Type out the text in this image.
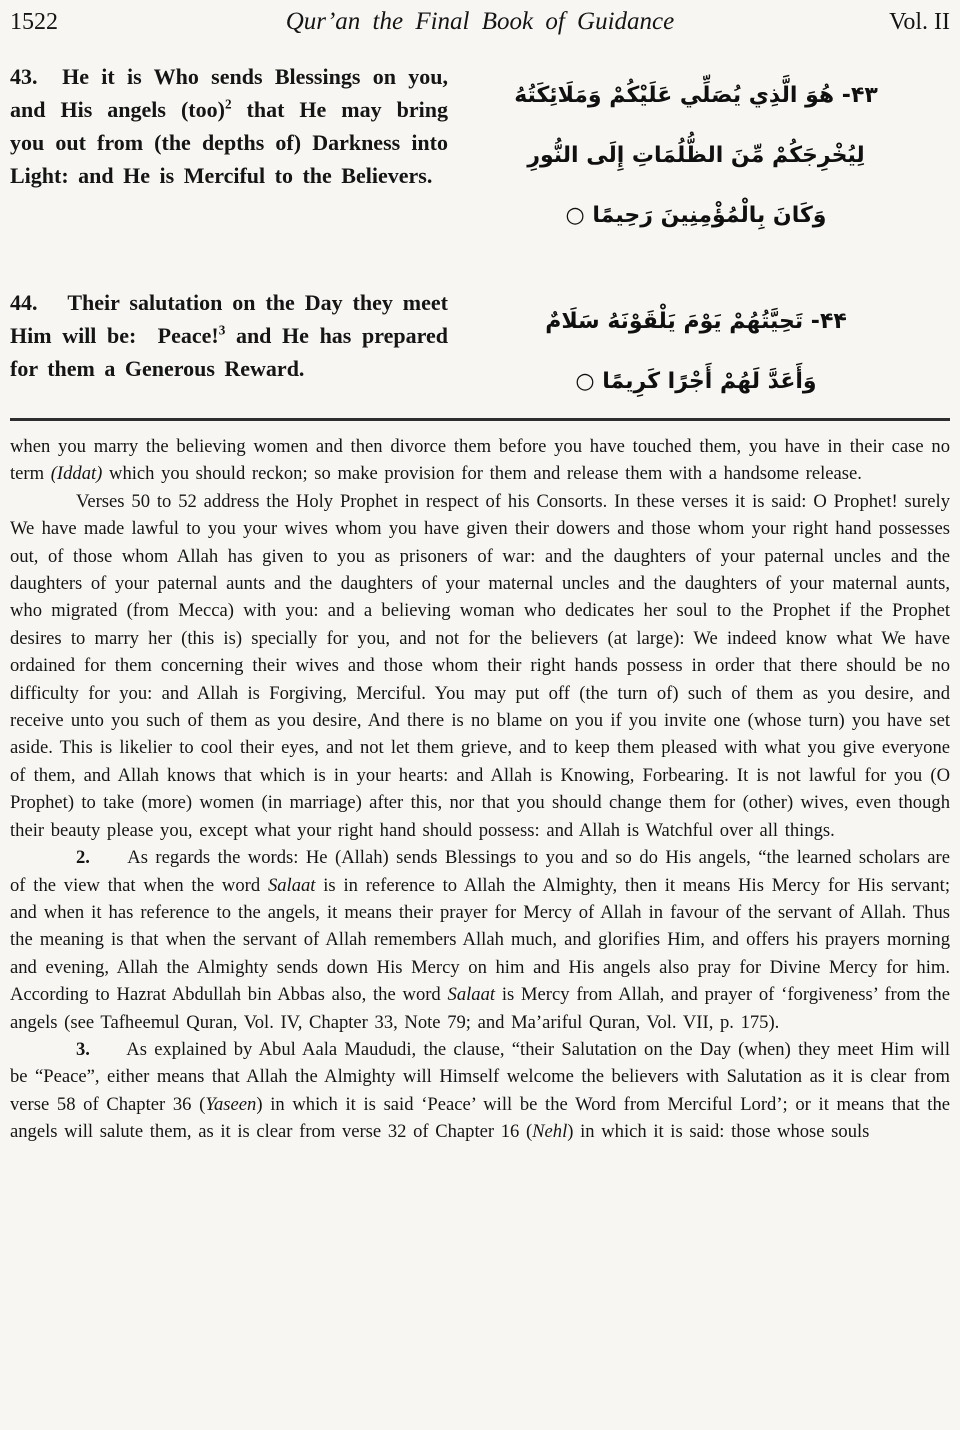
1522	Qur’an the Final Book of Guidance	Vol. II
43.  He it is Who sends Blessings on you, and His angels (too)$^2$ that He may bring you out from (the depths of) Darkness into Light: and He is Merciful to the Believers.
۴۳- هُوَ الَّذِي يُصَلِّي عَلَيْكُمْ وَمَلَائِكَتُهُ
لِيُخْرِجَكُمْ مِّنَ الظُّلُمَاتِ إِلَى النُّورِ
وَكَانَ بِالْمُؤْمِنِينَ رَحِيمًا ○
44.   Their salutation on the Day they meet Him will be:  Peace!$^3$ and He has prepared for them a Generous Reward.
۴۴- تَحِيَّتُهُمْ يَوْمَ يَلْقَوْنَهُ سَلَامٌ
وَأَعَدَّ لَهُمْ أَجْرًا كَرِيمًا ○

when you marry the believing women and then divorce them before you have touched them, you have in their case no term (Iddat) which you should reckon; so make provision for them and release them with a handsome release.

Verses 50 to 52 address the Holy Prophet in respect of his Consorts. In these verses it is said: O Prophet! surely We have made lawful to you your wives whom you have given their dowers and those whom your right hand possesses out, of those whom Allah has given to you as prisoners of war: and the daughters of your paternal uncles and the daughters of your paternal aunts and the daughters of your maternal uncles and the daughters of your maternal aunts, who migrated (from Mecca) with you: and a believing woman who dedicates her soul to the Prophet if the Prophet desires to marry her (this is) specially for you, and not for the believers (at large): We indeed know what We have ordained for them concerning their wives and those whom their right hands possess in order that there should be no difficulty for you: and Allah is Forgiving, Merciful. You may put off (the turn of) such of them as you desire, and receive unto you such of them as you desire, And there is no blame on you if you invite one (whose turn) you have set aside. This is likelier to cool their eyes, and not let them grieve, and to keep them pleased with what you give everyone of them, and Allah knows that which is in your hearts: and Allah is Knowing, Forbearing. It is not lawful for you (O Prophet) to take (more) women (in marriage) after this, nor that you should change them for (other) wives, even though their beauty please you, except what your right hand should possess: and Allah is Watchful over all things.

2.     As regards the words: He (Allah) sends Blessings to you and so do His angels, “the learned scholars are of the view that when the word Salaat is in reference to Allah the Almighty, then it means His Mercy for His servant; and when it has reference to the angels, it means their prayer for Mercy of Allah in favour of the servant of Allah. Thus the meaning is that when the servant of Allah remembers Allah much, and glorifies Him, and offers his prayers morning and evening, Allah the Almighty sends down His Mercy on him and His angels also pray for Divine Mercy for him. According to Hazrat Abdullah bin Abbas also, the word Salaat is Mercy from Allah, and prayer of ‘forgiveness’ from the angels (see Tafheemul Quran, Vol. IV, Chapter 33, Note 79; and Ma’ariful Quran, Vol. VII, p. 175).

3.     As explained by Abul Aala Maududi, the clause, “their Salutation on the Day (when) they meet Him will be “Peace”, either means that Allah the Almighty will Himself welcome the believers with Salutation as it is clear from verse 58 of Chapter 36 (Yaseen) in which it is said ‘Peace’ will be the Word from Merciful Lord’; or it means that the angels will salute them, as it is clear from verse 32 of Chapter 16 (Nehl) in which it is said: those whose souls
